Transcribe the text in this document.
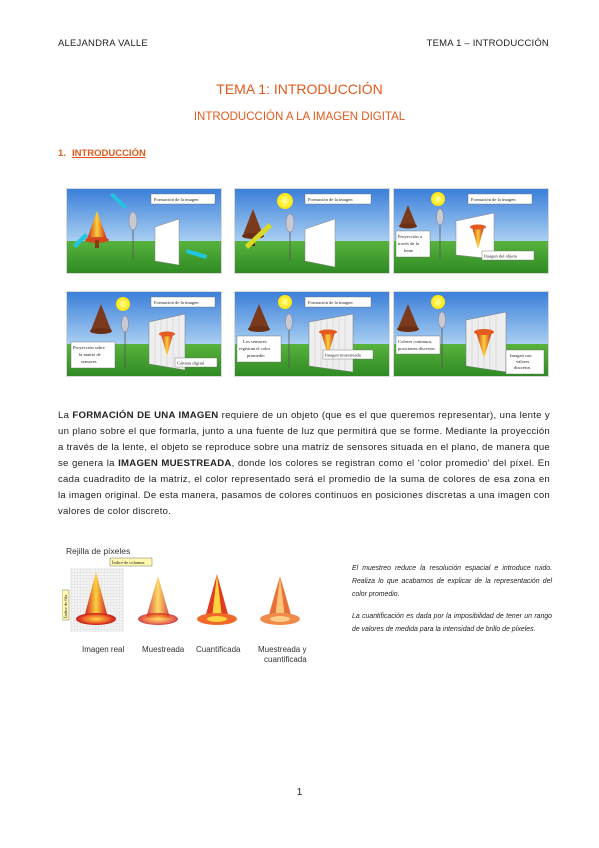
ALEJANDRA VALLE	TEMA 1 – INTRODUCCIÓN
TEMA 1: INTRODUCCIÓN
INTRODUCCIÓN A LA IMAGEN DIGITAL
1. INTRODUCCIÓN
Formación de la imagen	Formación de la imagen	Formación de la imagen
Proyección a
través de la
lente
Imagen del objeto
Formación de la imagen
Proyección sobre
la matriz de
sensores	Cámara digital
Formación de la imagen
Los sensores
registran el color
promedio	Imagen muestreada
Colores continuos,
posiciones discretas
Imagen con
valores
discretos
La FORMACIÓN DE UNA IMAGEN requiere de un objeto (que es el que queremos representar), una lente y un plano sobre el que formarla, junto a una fuente de luz que permitirá que se forme. Mediante la proyección a través de la lente, el objeto se reproduce sobre una matriz de sensores situada en el plano, de manera que se genera la IMAGEN MUESTREADA, donde los colores se registran como el ‘color promedio’ del píxel. En cada cuadradito de la matriz, el color representado será el promedio de la suma de colores de esa zona en la imagen original. De esta manera, pasamos de colores continuos en posiciones discretas a una imagen con valores de color discreto.
Rejilla de píxeles
Índice de columna
Índice de fila
Imagen real Muestreada Cuantificada Muestreada y
cuantificada

El muestreo reduce la resolución espacial e introduce ruido. Realiza lo que acabamos de explicar de la representación del color promedio.

La cuantificación es dada por la imposibilidad de tener un rango de valores de medida para la intensidad de brillo de píxeles.

1
